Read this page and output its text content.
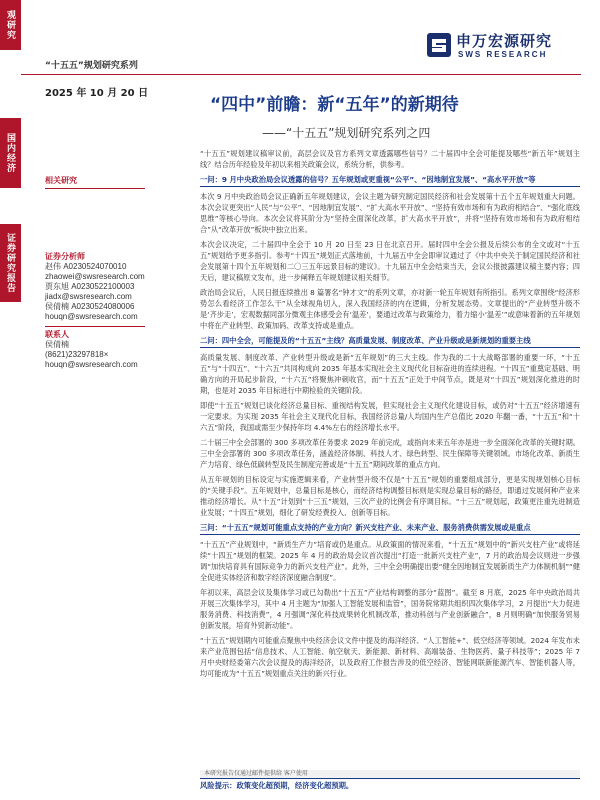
观研究
国内经济
证券研究报告
“十五五”规划研究系列
申万宏源研究
SWS RESEARCH
2025 年 10 月 20 日
“四中”前瞻：新“五年”的新期待
——“十五五”规划研究系列之四
相关研究
证券分析师
赵伟 A0230524070010
zhaowei@swsresearch.com
贾东旭 A0230522100003
jiadx@swsresearch.com
侯倩楠 A0230524080006
houqn@swsresearch.com
联系人
侯倩楠
(8621)23297818×
houqn@swsresearch.com
“十五五”规划建议稿审议前，高层会议及官方系列文章透露哪些信号？二十届四中全会可能提及哪些“新五年”规划主线？结合历年经验及年初以来相关政策会议，系统分析，供参考。
一问：9 月中央政治局会议透露的信号？五年规划或更重视“公平”、“因地制宜发展”、“高水平开放”等
本次 9 月中央政治局会议正确新五年规划建议，会议主题为研究制定国民经济和社会发展第十五个五年规划重大问题。本次会议更突出“人民”与“公平”、“因地制宜发展”、“扩大高水平开放”、“坚持有效市场和有为政府相结合”、“强化底线思维”等核心导向。本次会议将其阶分为“坚持全面深化改革，扩大高水平开放”，并将“坚持有效市场和有为政府相结合”从“改革开放”板块中独立出来。
本次会议决定，二十届四中全会于 10 月 20 日至 23 日在北京召开。届时四中全会公报及后续公布的全文或对“十五五”规划给予更多指引。参考“十四五”规划正式落地前，十九届五中全会即审议通过了《中共中央关于制定国民经济和社会发展第十四个五年规划和二〇三五年远景目标的建议》。十九届五中全会结束当天，会议公报披露建议稿主要内容；四天后，建议稿原文发布，进一步阐释五年规划建议相关细节。
政治局会议后，人民日报连续推出 8 篇署名“钟才文”的系列文章，亦对新一轮五年规划有所指引。系列文章围绕“经济形势怎么看经济工作怎么干”从全球视角切入，深入我国经济的内在逻辑，分析发展态势。文章提出的“产业转型升级不是‘齐步走’，宏观数据同部分微观主体感受会有‘温差’，要通过改革与政策给力，着力缩小‘温差’”或意味着新的五年规划中将在产业转型、政策加码、改革支持或是重点。
二问：四中全会，可能提及的“十五五”主线？高质量发展、制度改革、产业升级或是新规划的重要主线
高质量发展、制度改革、产业转型升级或是新“五年规划”的三大主线。作为我的二十大战略部署的重要一环，“十五五”与“十四五”、“十六五”共同构成向 2035 年基本实现社会主义现代化目标奋进的连续进程。“十四五”重奠定基础、明确方向的开局起步阶段，“十六五”将聚焦冲刺收官，而“十五五”正处于中间节点，既是对“十四五”规划深化推进的时期，也是对 2035 年目标进行中期检验的关键阶段。
即使“十五五”规划已谈化经济总量目标、重视结构发展，但实现社会主义现代化建设目标，或仍对“十五五”经济增速有一定要求。为实现 2035 年社会主义现代化目标，我国经济总量/人均国内生产总值比 2020 年翻一番，“十五五”和“十六五”阶段，我国或需至少保持年均 4.4%左右的经济增长水平。
二十届三中全会部署的 300 多项改革任务要求 2029 年前完成，或指向未来五年亦是进一步全面深化改革的关键时期。三中全会部署的 300 多项改革任务，涵盖经济体制、科技人才、绿色转型、民生保障等关键领域。市场化改革、新质生产力培育、绿色低碳转型及民生制度完善或是“十五五”期间改革的重点方向。
从五年规划的目标设定与实施逻辑来看，产业转型升级不仅是“十五五”规划的重要组成部分，更是实现规划核心目标的“关键手段”。五年规划中，总量目标是核心，而经济结构调整目标则是实现总量目标的路径，即通过发展何种产业来推动经济增长。从“十五”计划到“十三五”规划，三次产业的比例会有序调目标。“十三五”规划起，政策更注重先进制造业发展；“十四五”规划，细化了研发经费投入、创新等目标。
三问：“十五五”规划可能重点支持的产业方向？新兴支柱产业、未来产业、服务消费供需发展或是重点
“十五五”产业规划中，“新质生产力”培育或仍是重点。从政策面的情况来看，“十五五”规划中的“新兴支柱产业”或将延续“十四五”规划的框架。2025 年 4 月的政治局会议首次提出“打造一批新兴支柱产业”，7 月的政治局会议则进一步强调“加快培育具有国际竞争力的新兴支柱产业”。此外，三中全会明确提出要“健全因地制宜发展新质生产力体制机制”“健全促进实体经济和数字经济深度融合制度”。
年初以来，高层会议及集体学习或已勾勒出“十五五”产业结构调整的部分“蓝图”。截至 8 月底，2025 年中央政治局共开展三次集体学习，其中 4 月主题为“加强人工智能发展和监管”，国务院常期共组织四次集体学习，2 月提出“大力促进服务消费、科技消费”，4 月强调“深化科技成果转化机制改革，推动科创与产业创新融合”，8 月则明确“加快服务贸易创新发展，培育外贸新动能”。
“十五五”规划期内可能重点聚焦中央经济会议文件中提及的海洋经济、“人工智能+”、低空经济等领域。2024 年发布未来产业范围包括“信息技术、人工智能、航空航天、新能源、新材料、高端装备、生物医药、量子科技等”；2025 年 7 月中央财经委第六次会议提及的海洋经济，以及政府工作报告涉及的低空经济、智能网联新能源汽车、智能机器人等，均可能成为“十五五”规划重点关注的新兴行业。
本研究报告仅通过邮件提供给 客户使用
风险提示：政策变化超预期，经济变化超预期。
